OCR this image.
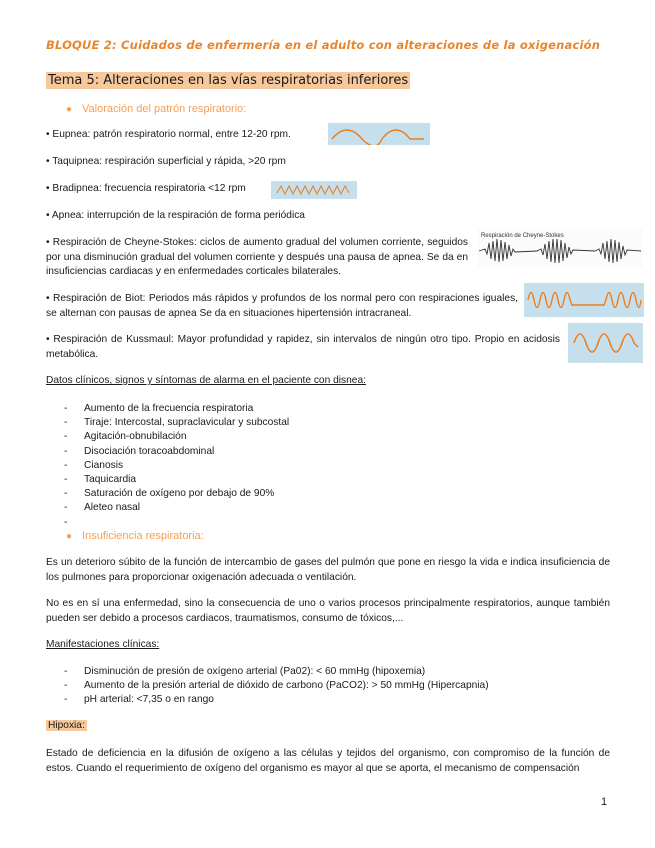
BLOQUE 2: Cuidados de enfermería en el adulto con alteraciones de la oxigenación
Tema 5: Alteraciones en las vías respiratorias inferiores
● Valoración del patrón respiratorio:
• Eupnea: patrón respiratorio normal, entre 12-20 rpm.
• Taquipnea: respiración superficial y rápida, >20 rpm
• Bradipnea: frecuencia respiratoria <12 rpm
• Apnea: interrupción de la respiración de forma periódica
• Respiración de Cheyne-Stokes: ciclos de aumento gradual del volumen corriente, seguidos por una disminución gradual del volumen corriente y después una pausa de apnea. Se da en insuficiencias cardiacas y en enfermedades corticales bilaterales.
Respiración de Cheyne-Stokes
• Respiración de Biot: Periodos más rápidos y profundos de los normal pero con respiraciones iguales, se alternan con pausas de apnea Se da en situaciones hipertensión intracraneal.
• Respiración de Kussmaul: Mayor profundidad y rapidez, sin intervalos de ningún otro tipo. Propio en acidosis metabólica.
Datos clínicos, signos y síntomas de alarma en el paciente con disnea:
- Aumento de la frecuencia respiratoria
- Tiraje: Intercostal, supraclavicular y subcostal
- Agitación-obnubilación
- Disociación toracoabdominal
- Cianosis
- Taquicardia
- Saturación de oxígeno por debajo de 90%
- Aleteo nasal
-
● Insuficiencia respiratoria:
Es un deterioro súbito de la función de intercambio de gases del pulmón que pone en riesgo la vida e indica insuficiencia de los pulmones para proporcionar oxigenación adecuada o ventilación.
No es en sí una enfermedad, sino la consecuencia de uno o varios procesos principalmente respiratorios, aunque también pueden ser debido a procesos cardiacos, traumatismos, consumo de tóxicos,...
Manifestaciones clínicas:
- Disminución de presión de oxígeno arterial (Pa02): < 60 mmHg (hipoxemia)
- Aumento de la presión arterial de dióxido de carbono (PaCO2): > 50 mmHg (Hipercapnia)
- pH arterial: <7,35 o en rango
Hipoxia:
Estado de deficiencia en la difusión de oxígeno a las células y tejidos del organismo, con compromiso de la función de estos. Cuando el requerimiento de oxígeno del organismo es mayor al que se aporta, el mecanismo de compensación
1
